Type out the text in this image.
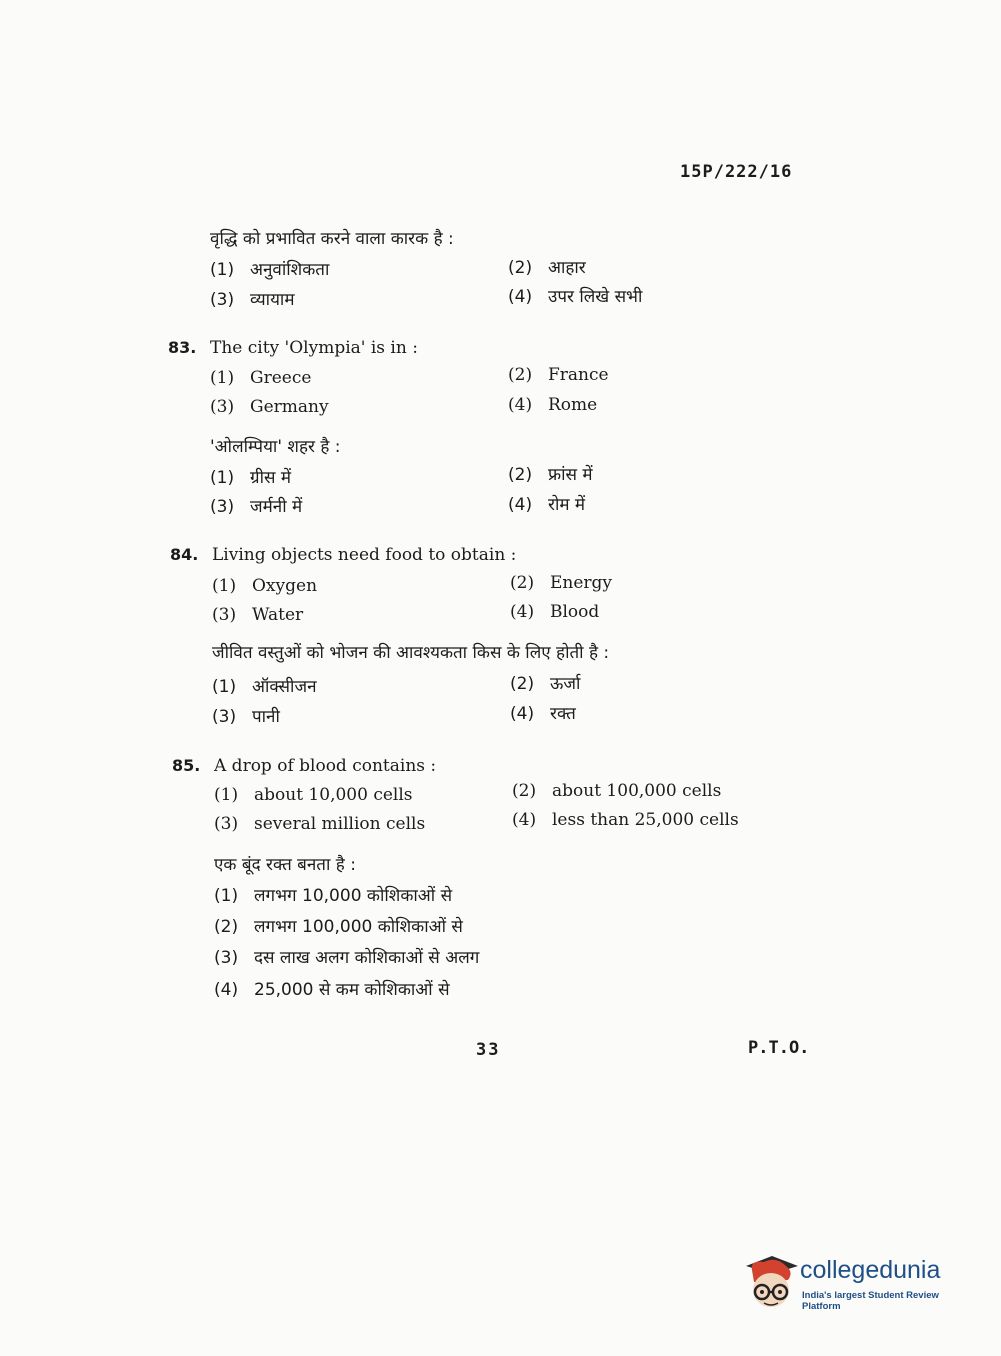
15P/222/16
वृद्धि को प्रभावित करने वाला कारक है :
(1) अनुवांशिकता	(2) आहार
(3) व्यायाम	(4) उपर लिखे सभी
83. The city 'Olympia' is in :
(1) Greece	(2) France
(3) Germany	(4) Rome
'ओलम्पिया' शहर है :
(1) ग्रीस में	(2) फ्रांस में
(3) जर्मनी में	(4) रोम में
84. Living objects need food to obtain :
(1) Oxygen	(2) Energy
(3) Water	(4) Blood
जीवित वस्तुओं को भोजन की आवश्यकता किस के लिए होती है :
(1) ऑक्सीजन	(2) ऊर्जा
(3) पानी	(4) रक्त
85. A drop of blood contains :
(1) about 10,000 cells	(2) about 100,000 cells
(3) several million cells	(4) less than 25,000 cells
एक बूंद रक्त बनता है :
(1) लगभग 10,000 कोशिकाओं से
(2) लगभग 100,000 कोशिकाओं से
(3) दस लाख अलग कोशिकाओं से अलग
(4) 25,000 से कम कोशिकाओं से
33	P.T.O.
collegedunia
India's largest Student Review Platform
